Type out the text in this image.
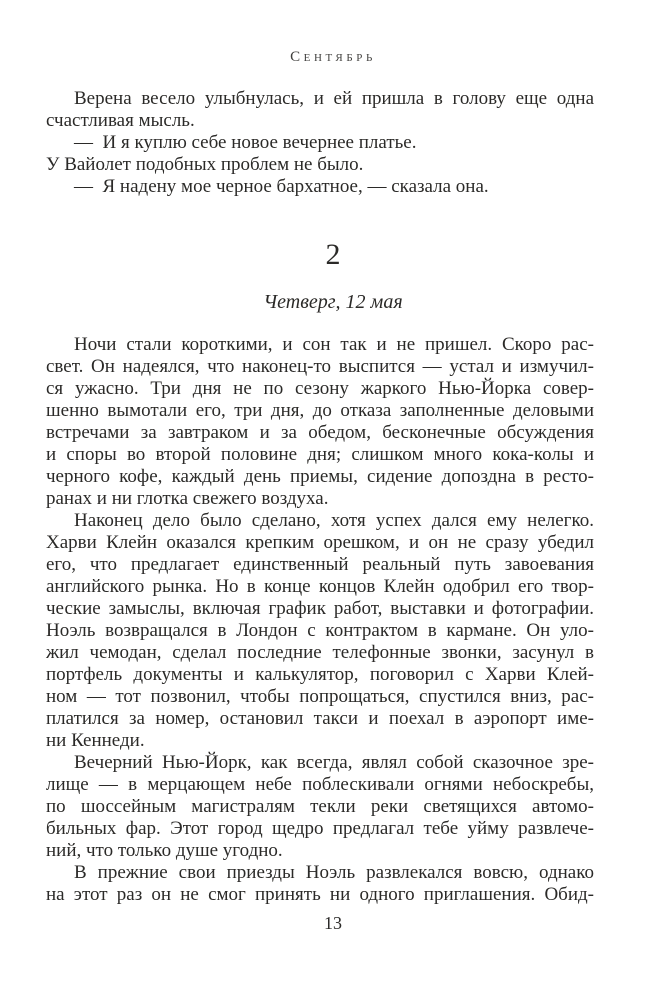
Сентябрь
Верена весело улыбнулась, и ей пришла в голову еще одна
счастливая мысль.
— И я куплю себе новое вечернее платье.
У Вайолет подобных проблем не было.
— Я надену мое черное бархатное, — сказала она.
2
Четверг, 12 мая
Ночи стали короткими, и сон так и не пришел. Скоро рас-
свет. Он надеялся, что наконец-то выспится — устал и измучил-
ся ужасно. Три дня не по сезону жаркого Нью-Йорка совер-
шенно вымотали его, три дня, до отказа заполненные деловыми
встречами за завтраком и за обедом, бесконечные обсуждения
и споры во второй половине дня; слишком много кока-колы и
черного кофе, каждый день приемы, сидение допоздна в ресто-
ранах и ни глотка свежего воздуха.
Наконец дело было сделано, хотя успех дался ему нелегко.
Харви Клейн оказался крепким орешком, и он не сразу убедил
его, что предлагает единственный реальный путь завоевания
английского рынка. Но в конце концов Клейн одобрил его твор-
ческие замыслы, включая график работ, выставки и фотографии.
Ноэль возвращался в Лондон с контрактом в кармане. Он уло-
жил чемодан, сделал последние телефонные звонки, засунул в
портфель документы и калькулятор, поговорил с Харви Клей-
ном — тот позвонил, чтобы попрощаться, спустился вниз, рас-
платился за номер, остановил такси и поехал в аэропорт име-
ни Кеннеди.
Вечерний Нью-Йорк, как всегда, являл собой сказочное зре-
лище — в мерцающем небе поблескивали огнями небоскребы,
по шоссейным магистралям текли реки светящихся автомо-
бильных фар. Этот город щедро предлагал тебе уйму развлече-
ний, что только душе угодно.
В прежние свои приезды Ноэль развлекался вовсю, однако
на этот раз он не смог принять ни одного приглашения. Обид-
13
